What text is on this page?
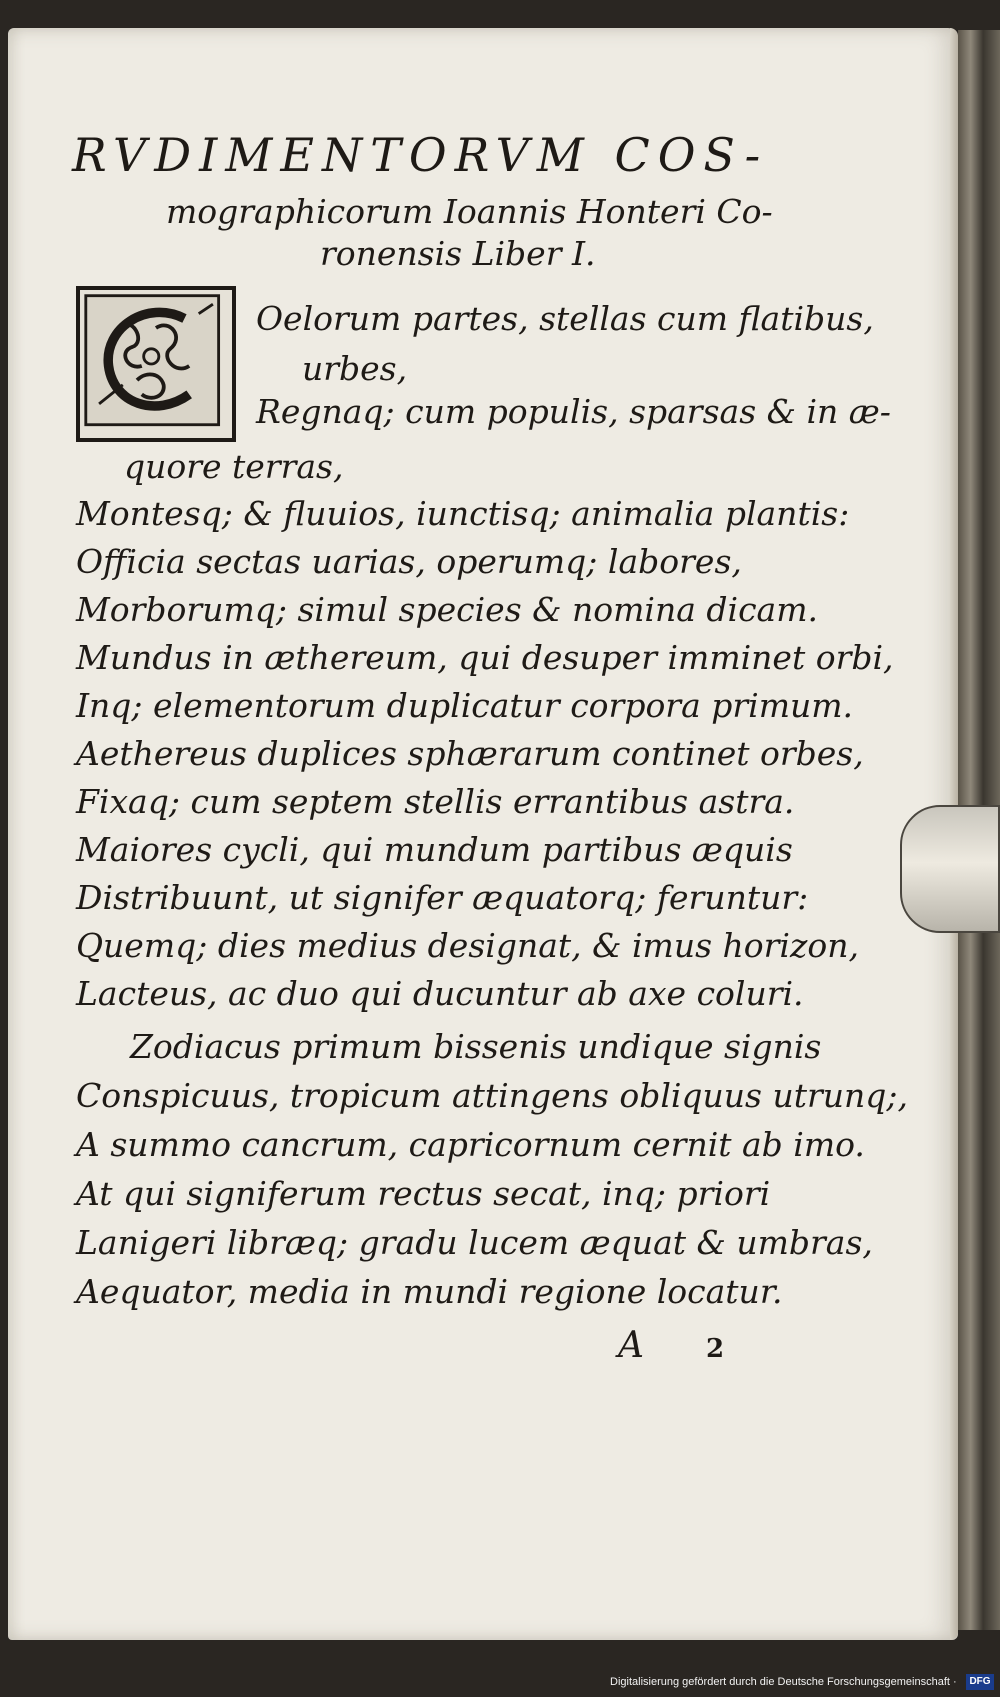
RVDIMENTORVM COS-
mographicorum Ioannis Honteri Co-
ronensis Liber I.
Oelorum partes, stellas cum flatibus,
urbes,
Regnaq; cum populis, sparsas & in æ-
quore terras,
Montesq; & fluuios, iunctisq; animalia plantis:
Officia sectas uarias, operumq; labores,
Morborumq; simul species & nomina dicam.
Mundus in æthereum, qui desuper imminet orbi,
Inq; elementorum duplicatur corpora primum.
Aethereus duplices sphærarum continet orbes,
Fixaq; cum septem stellis errantibus astra.
Maiores cycli, qui mundum partibus æquis
Distribuunt, ut signifer æquatorq; feruntur:
Quemq; dies medius designat, & imus horizon,
Lacteus, ac duo qui ducuntur ab axe coluri.
Zodiacus primum bissenis undique signis
Conspicuus, tropicum attingens obliquus utrunq;,
A summo cancrum, capricornum cernit ab imo.
At qui signiferum rectus secat, inq; priori
Lanigeri libræq; gradu lucem æquat & umbras,
Aequator, media in mundi regione locatur.
A 2
Digitalisierung gefördert durch die Deutsche Forschungsgemeinschaft ·	DFG
